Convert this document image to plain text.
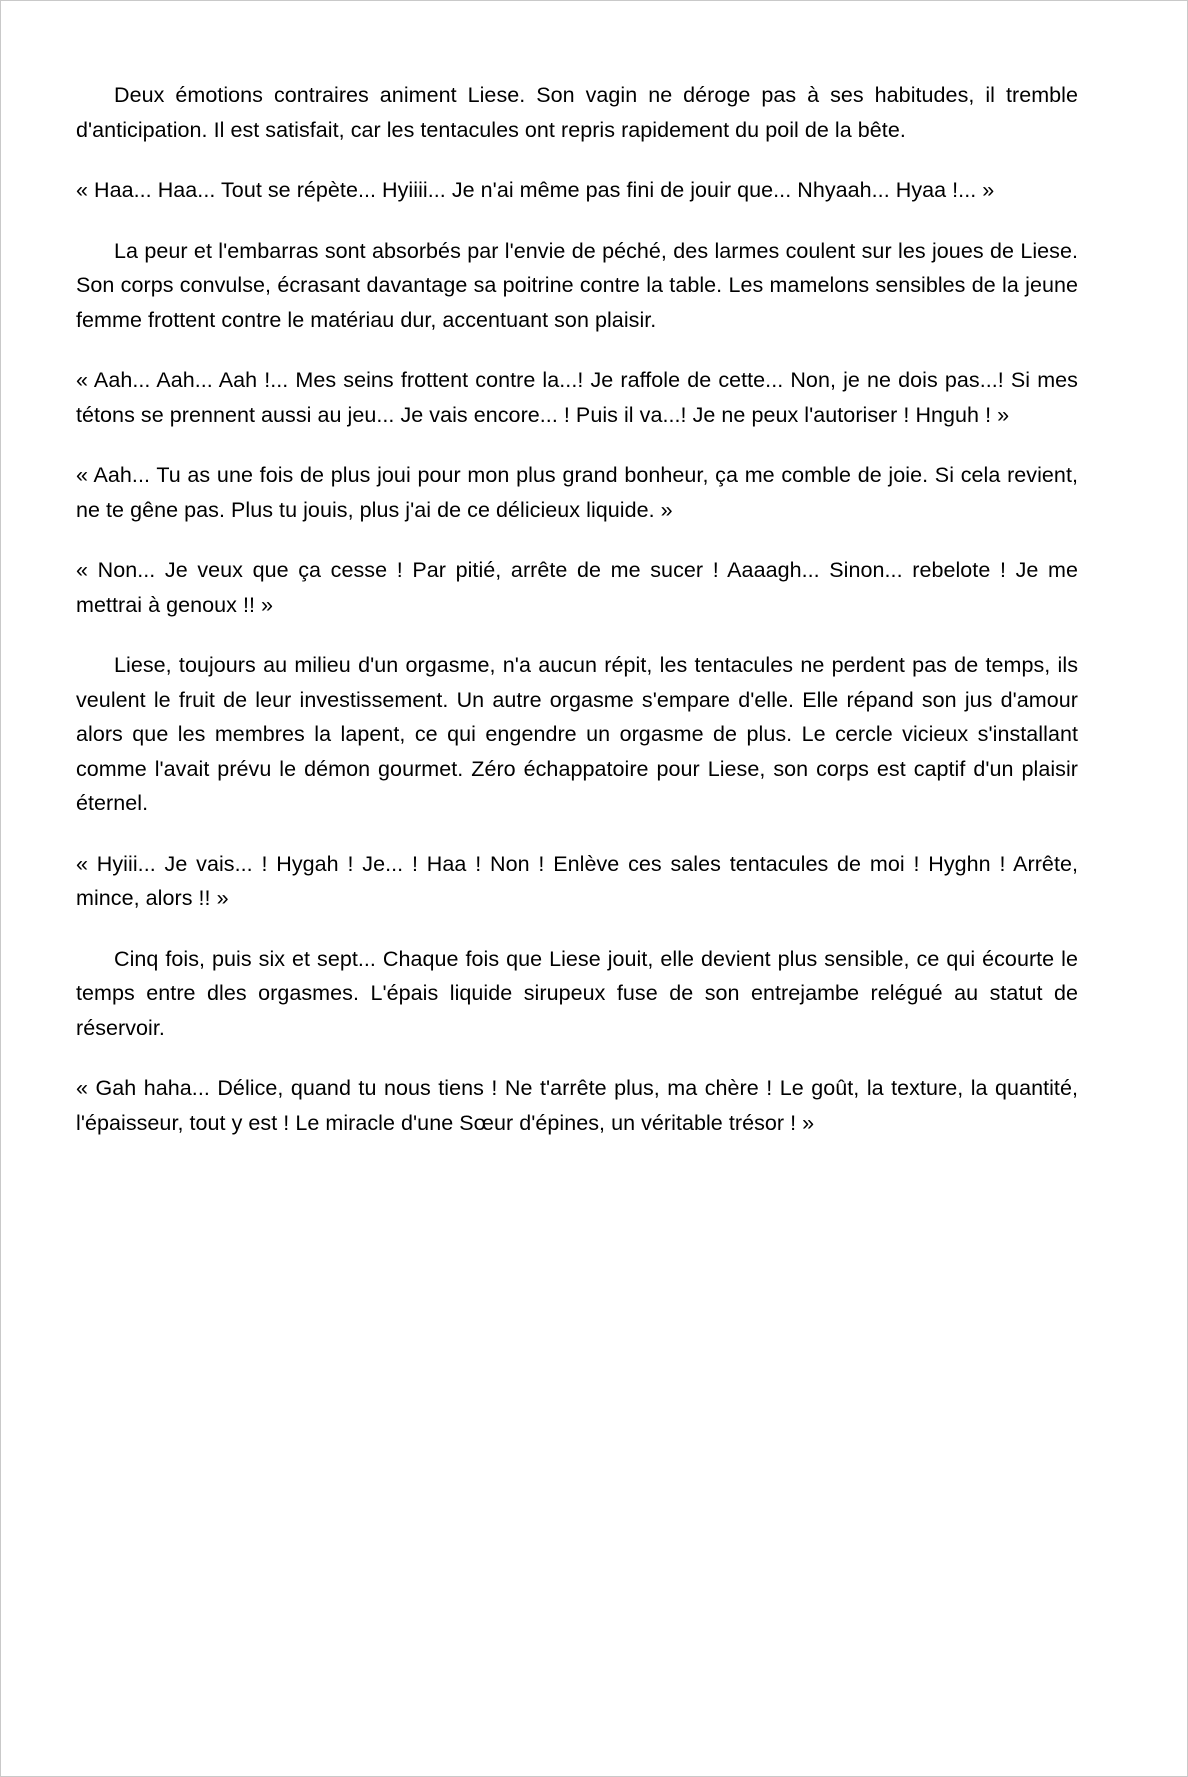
Deux émotions contraires animent Liese. Son vagin ne déroge pas à ses habitudes, il tremble d'anticipation. Il est satisfait, car les tentacules ont repris rapidement du poil de la bête.

« Haa... Haa... Tout se répète... Hyiiii... Je n'ai même pas fini de jouir que... Nhyaah... Hyaa !... »

La peur et l'embarras sont absorbés par l'envie de péché, des larmes coulent sur les joues de Liese. Son corps convulse, écrasant davantage sa poitrine contre la table. Les mamelons sensibles de la jeune femme frottent contre le matériau dur, accentuant son plaisir.

« Aah... Aah... Aah !... Mes seins frottent contre la...! Je raffole de cette... Non, je ne dois pas...! Si mes tétons se prennent aussi au jeu... Je vais encore... ! Puis il va...! Je ne peux l'autoriser ! Hnguh ! »

« Aah... Tu as une fois de plus joui pour mon plus grand bonheur, ça me comble de joie. Si cela revient, ne te gêne pas. Plus tu jouis, plus j'ai de ce délicieux liquide. »

« Non... Je veux que ça cesse ! Par pitié, arrête de me sucer ! Aaaagh... Sinon... rebelote ! Je me mettrai à genoux !! »

Liese, toujours au milieu d'un orgasme, n'a aucun répit, les tentacules ne perdent pas de temps, ils veulent le fruit de leur investissement. Un autre orgasme s'empare d'elle. Elle répand son jus d'amour alors que les membres la lapent, ce qui engendre un orgasme de plus. Le cercle vicieux s'installant comme l'avait prévu le démon gourmet. Zéro échappatoire pour Liese, son corps est captif d'un plaisir éternel.

« Hyiii... Je vais... ! Hygah ! Je... ! Haa ! Non ! Enlève ces sales tentacules de moi ! Hyghn ! Arrête, mince, alors !! »

Cinq fois, puis six et sept... Chaque fois que Liese jouit, elle devient plus sensible, ce qui écourte le temps entre dles orgasmes. L'épais liquide sirupeux fuse de son entrejambe relégué au statut de réservoir.

« Gah haha... Délice, quand tu nous tiens ! Ne t'arrête plus, ma chère ! Le goût, la texture, la quantité, l'épaisseur, tout y est ! Le miracle d'une Sœur d'épines, un véritable trésor ! »
